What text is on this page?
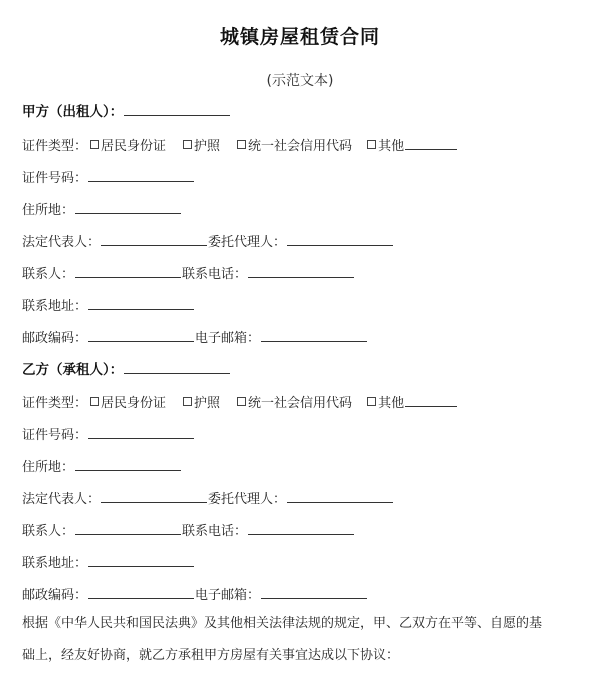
城镇房屋租赁合同
(示范文本)
甲方（出租人）：
证件类型： 居民身份证 护照 统一社会信用代码 其他
证件号码：
住所地：
法定代表人：	委托代理人：
联系人：	联系电话：
联系地址：
邮政编码：	电子邮箱：
乙方（承租人）：
证件类型： 居民身份证 护照 统一社会信用代码 其他
证件号码：
住所地：
法定代表人：	委托代理人：
联系人：	联系电话：
联系地址：
邮政编码：	电子邮箱：
根据《中华人民共和国民法典》及其他相关法律法规的规定，甲、乙双方在平等、自愿的基
础上，经友好协商，就乙方承租甲方房屋有关事宜达成以下协议：
